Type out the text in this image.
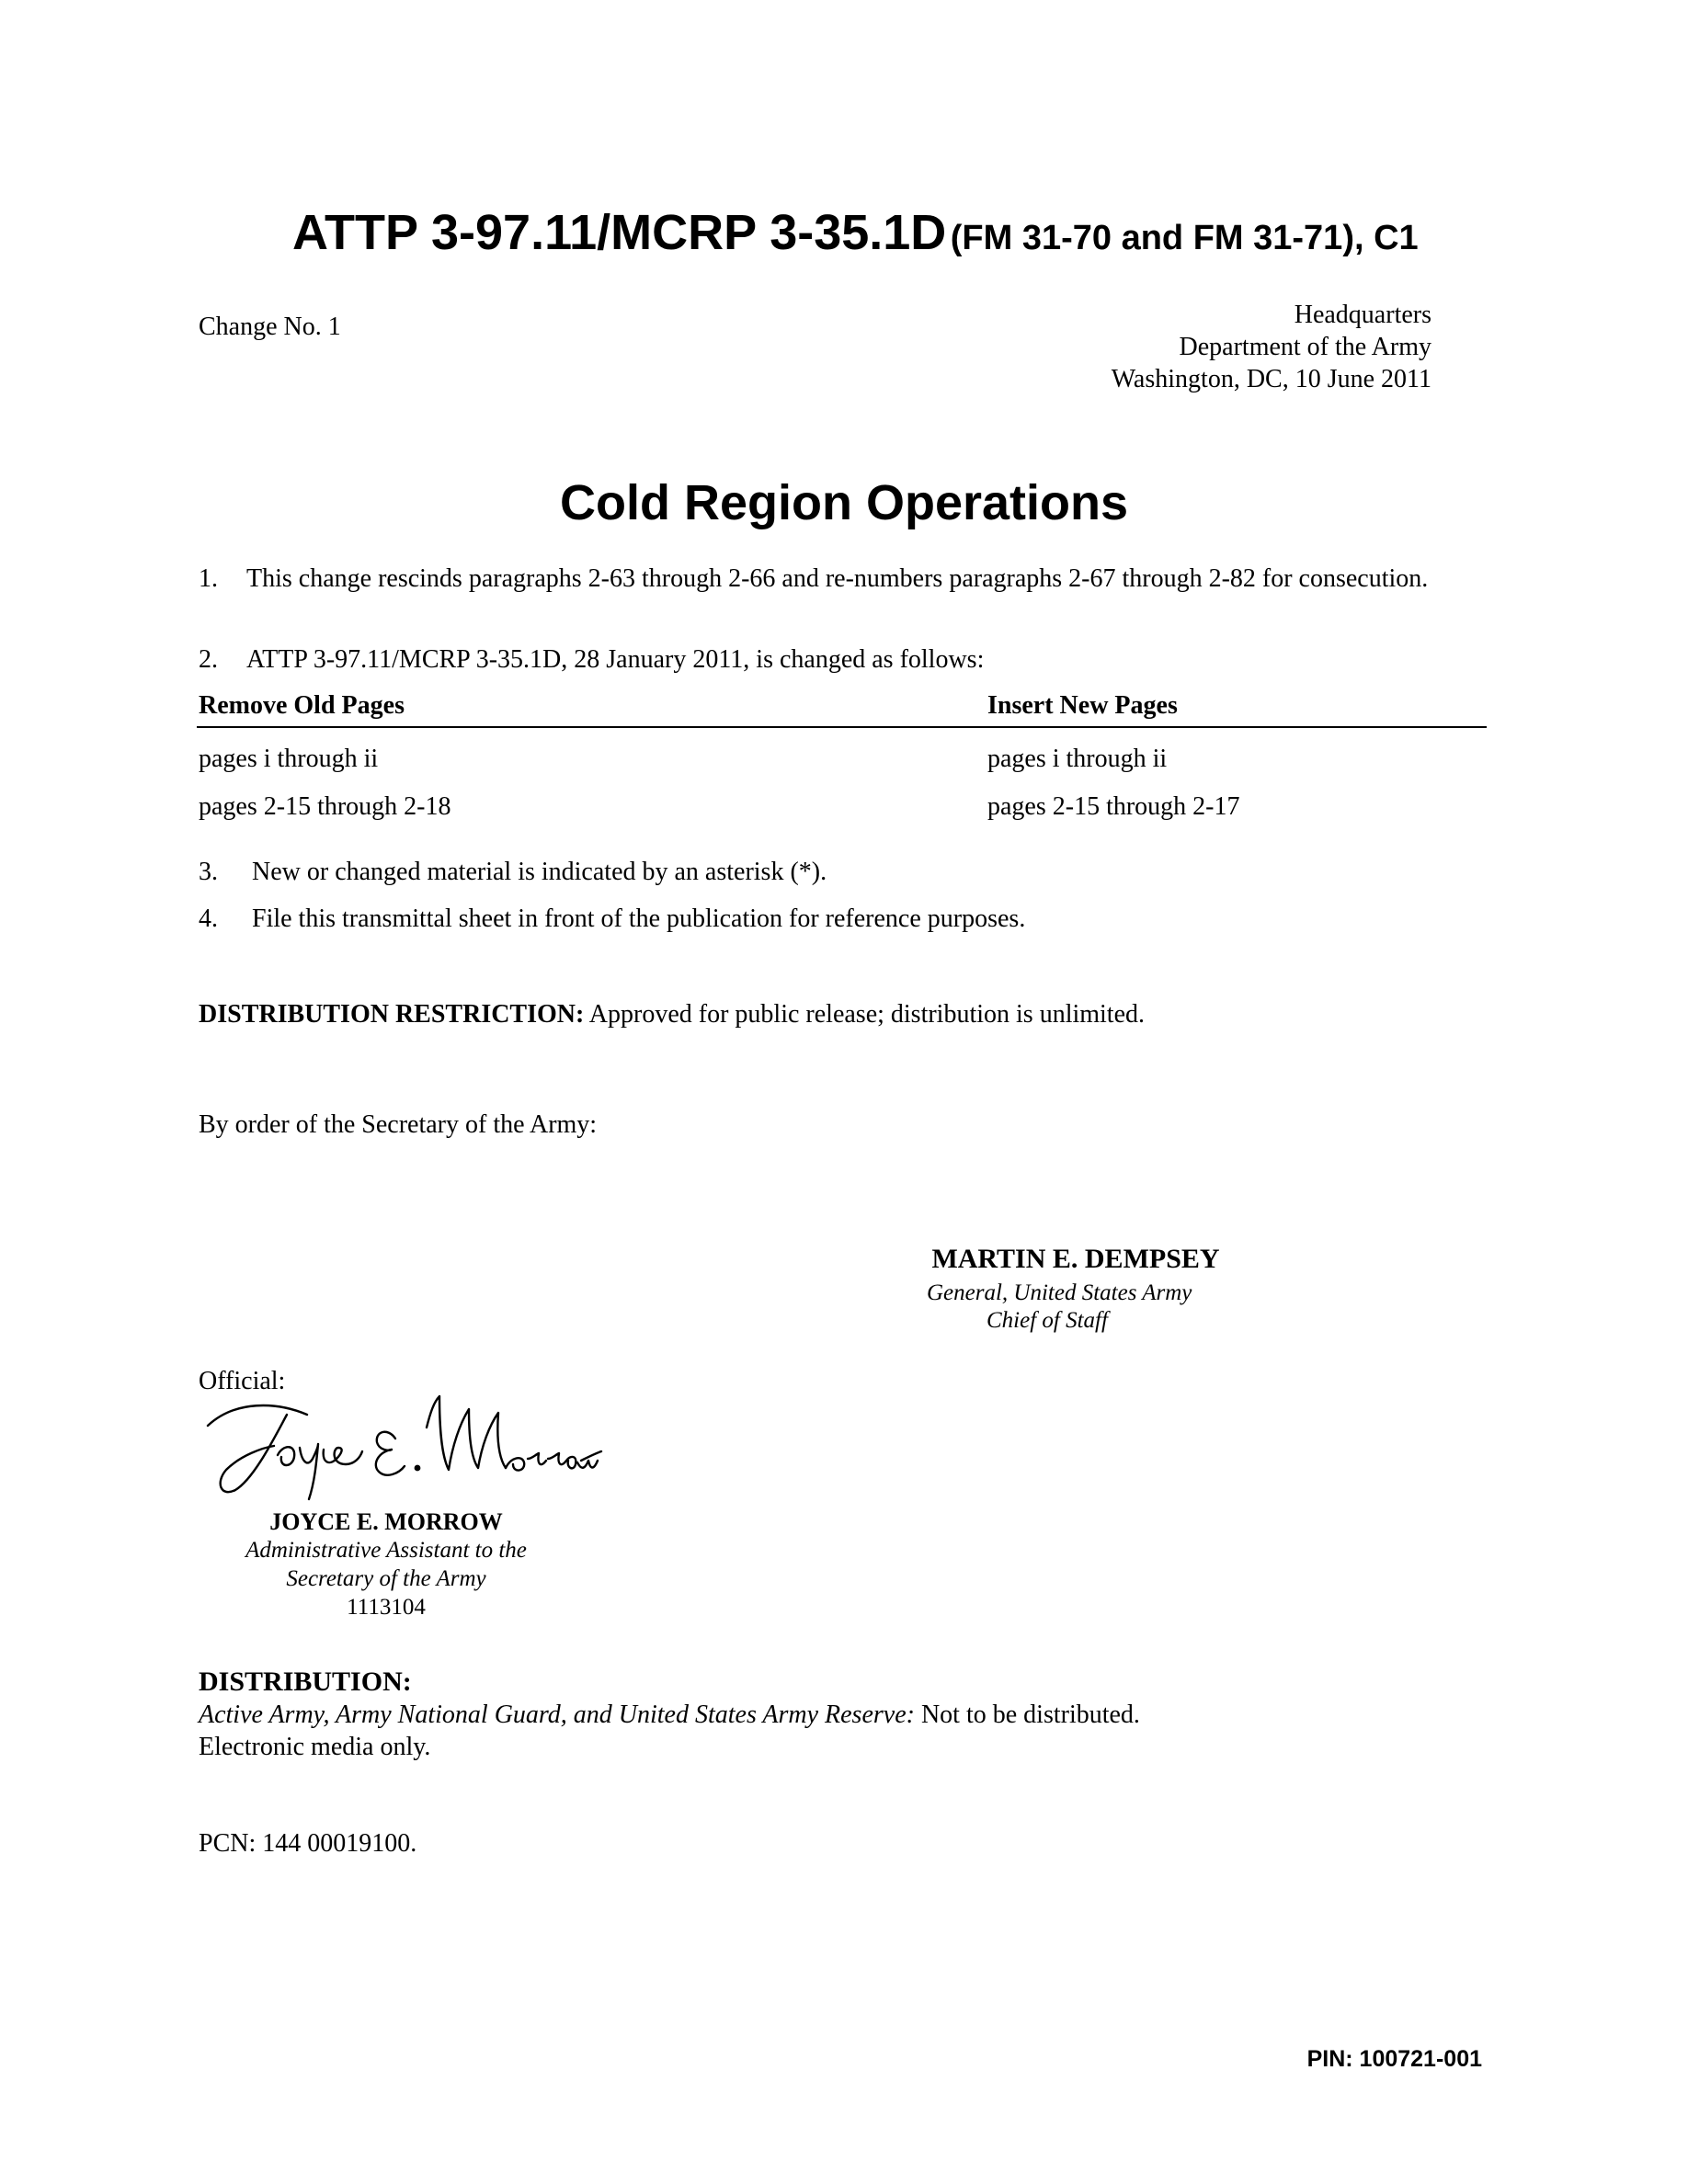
ATTP 3-97.11/MCRP 3-35.1D (FM 31-70 and FM 31-71), C1
Change No. 1	Headquarters
Department of the Army
Washington, DC, 10 June 2011
Cold Region Operations
1. This change rescinds paragraphs 2-63 through 2-66 and re-numbers paragraphs 2-67 through 2-82 for consecution.
2. ATTP 3-97.11/MCRP 3-35.1D, 28 January 2011, is changed as follows:
Remove Old Pages	Insert New Pages
pages i through ii	pages i through ii
pages 2-15 through 2-18	pages 2-15 through 2-17
3. New or changed material is indicated by an asterisk (*).
4. File this transmittal sheet in front of the publication for reference purposes.
DISTRIBUTION RESTRICTION: Approved for public release; distribution is unlimited.
By order of the Secretary of the Army:
MARTIN E. DEMPSEY
General, United States Army
Chief of Staff
Official:
JOYCE E. MORROW
Administrative Assistant to the
Secretary of the Army
1113104
DISTRIBUTION:
Active Army, Army National Guard, and United States Army Reserve: Not to be distributed.
Electronic media only.
PCN: 144 00019100.
PIN: 100721-001
